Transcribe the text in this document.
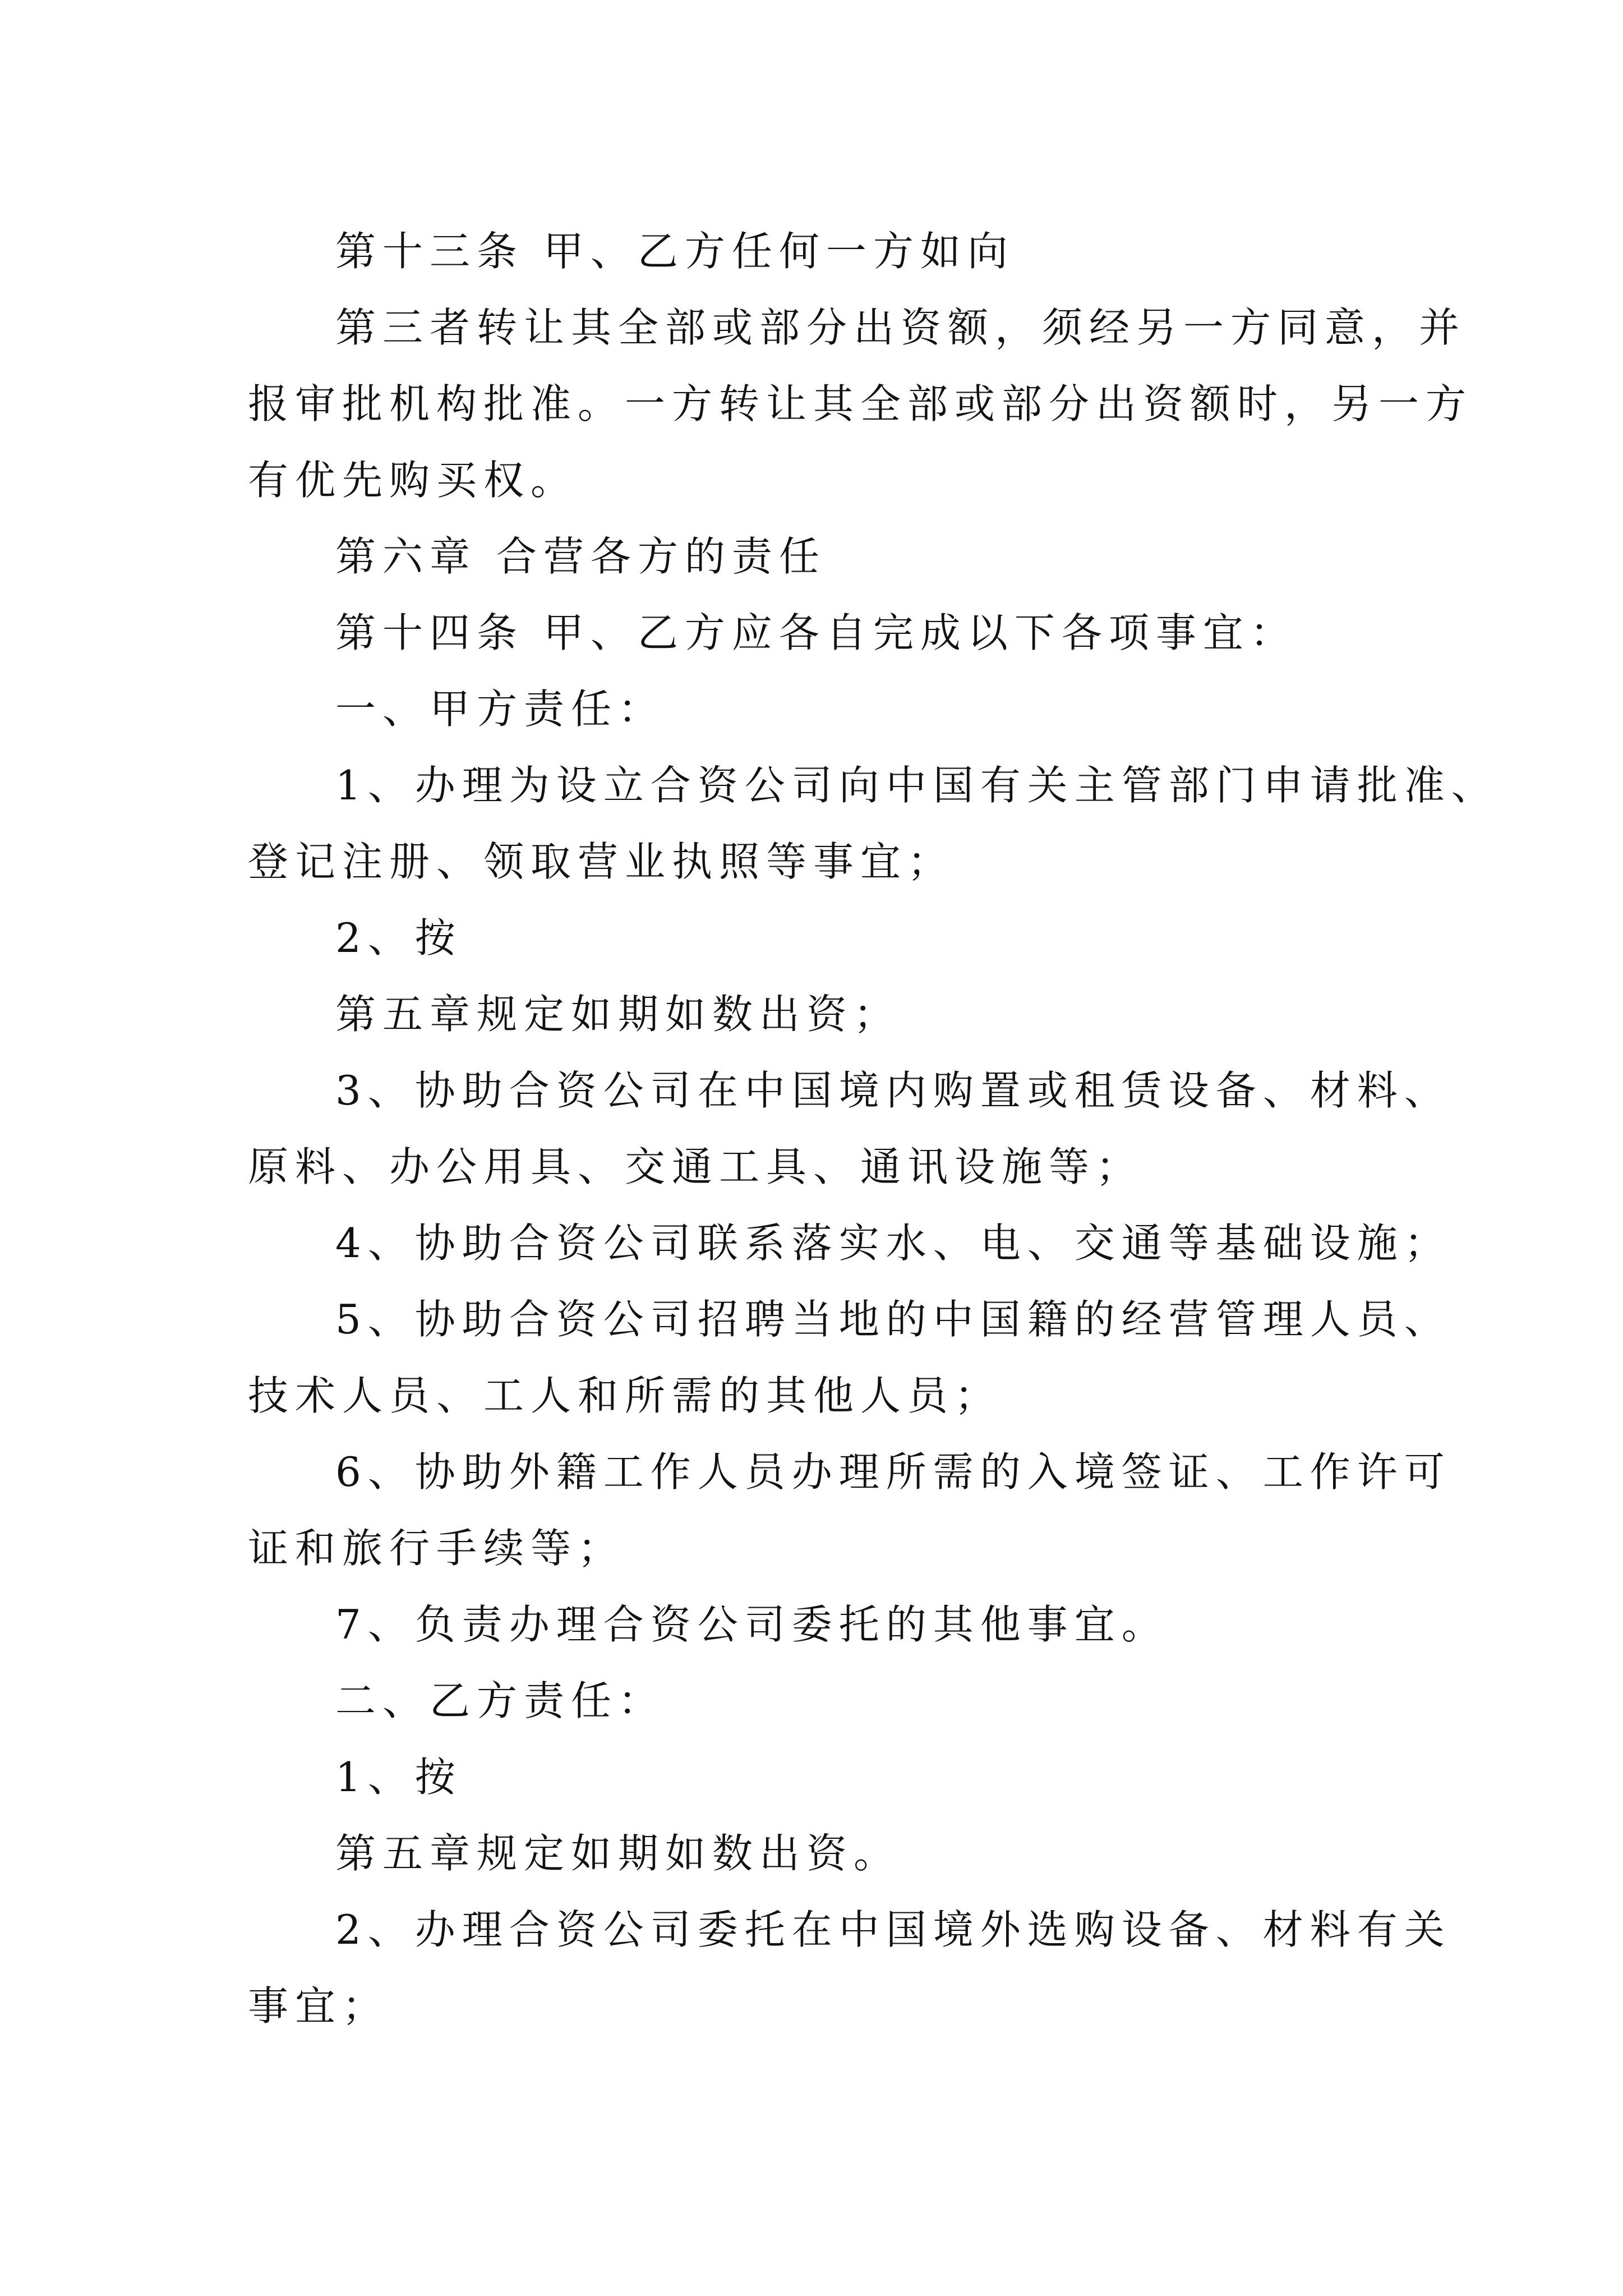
第十三条 甲、乙方任何一方如向

第三者转让其全部或部分出资额，须经另一方同意，并

报审批机构批准。一方转让其全部或部分出资额时，另一方

有优先购买权。

第六章 合营各方的责任

第十四条 甲、乙方应各自完成以下各项事宜：

一、甲方责任：

1、办理为设立合资公司向中国有关主管部门申请批准、

登记注册、领取营业执照等事宜；

2、按

第五章规定如期如数出资；

3、协助合资公司在中国境内购置或租赁设备、材料、

原料、办公用具、交通工具、通讯设施等；

4、协助合资公司联系落实水、电、交通等基础设施；

5、协助合资公司招聘当地的中国籍的经营管理人员、

技术人员、工人和所需的其他人员；

6、协助外籍工作人员办理所需的入境签证、工作许可

证和旅行手续等；

7、负责办理合资公司委托的其他事宜。

二、乙方责任：

1、按

第五章规定如期如数出资。

2、办理合资公司委托在中国境外选购设备、材料有关

事宜；
